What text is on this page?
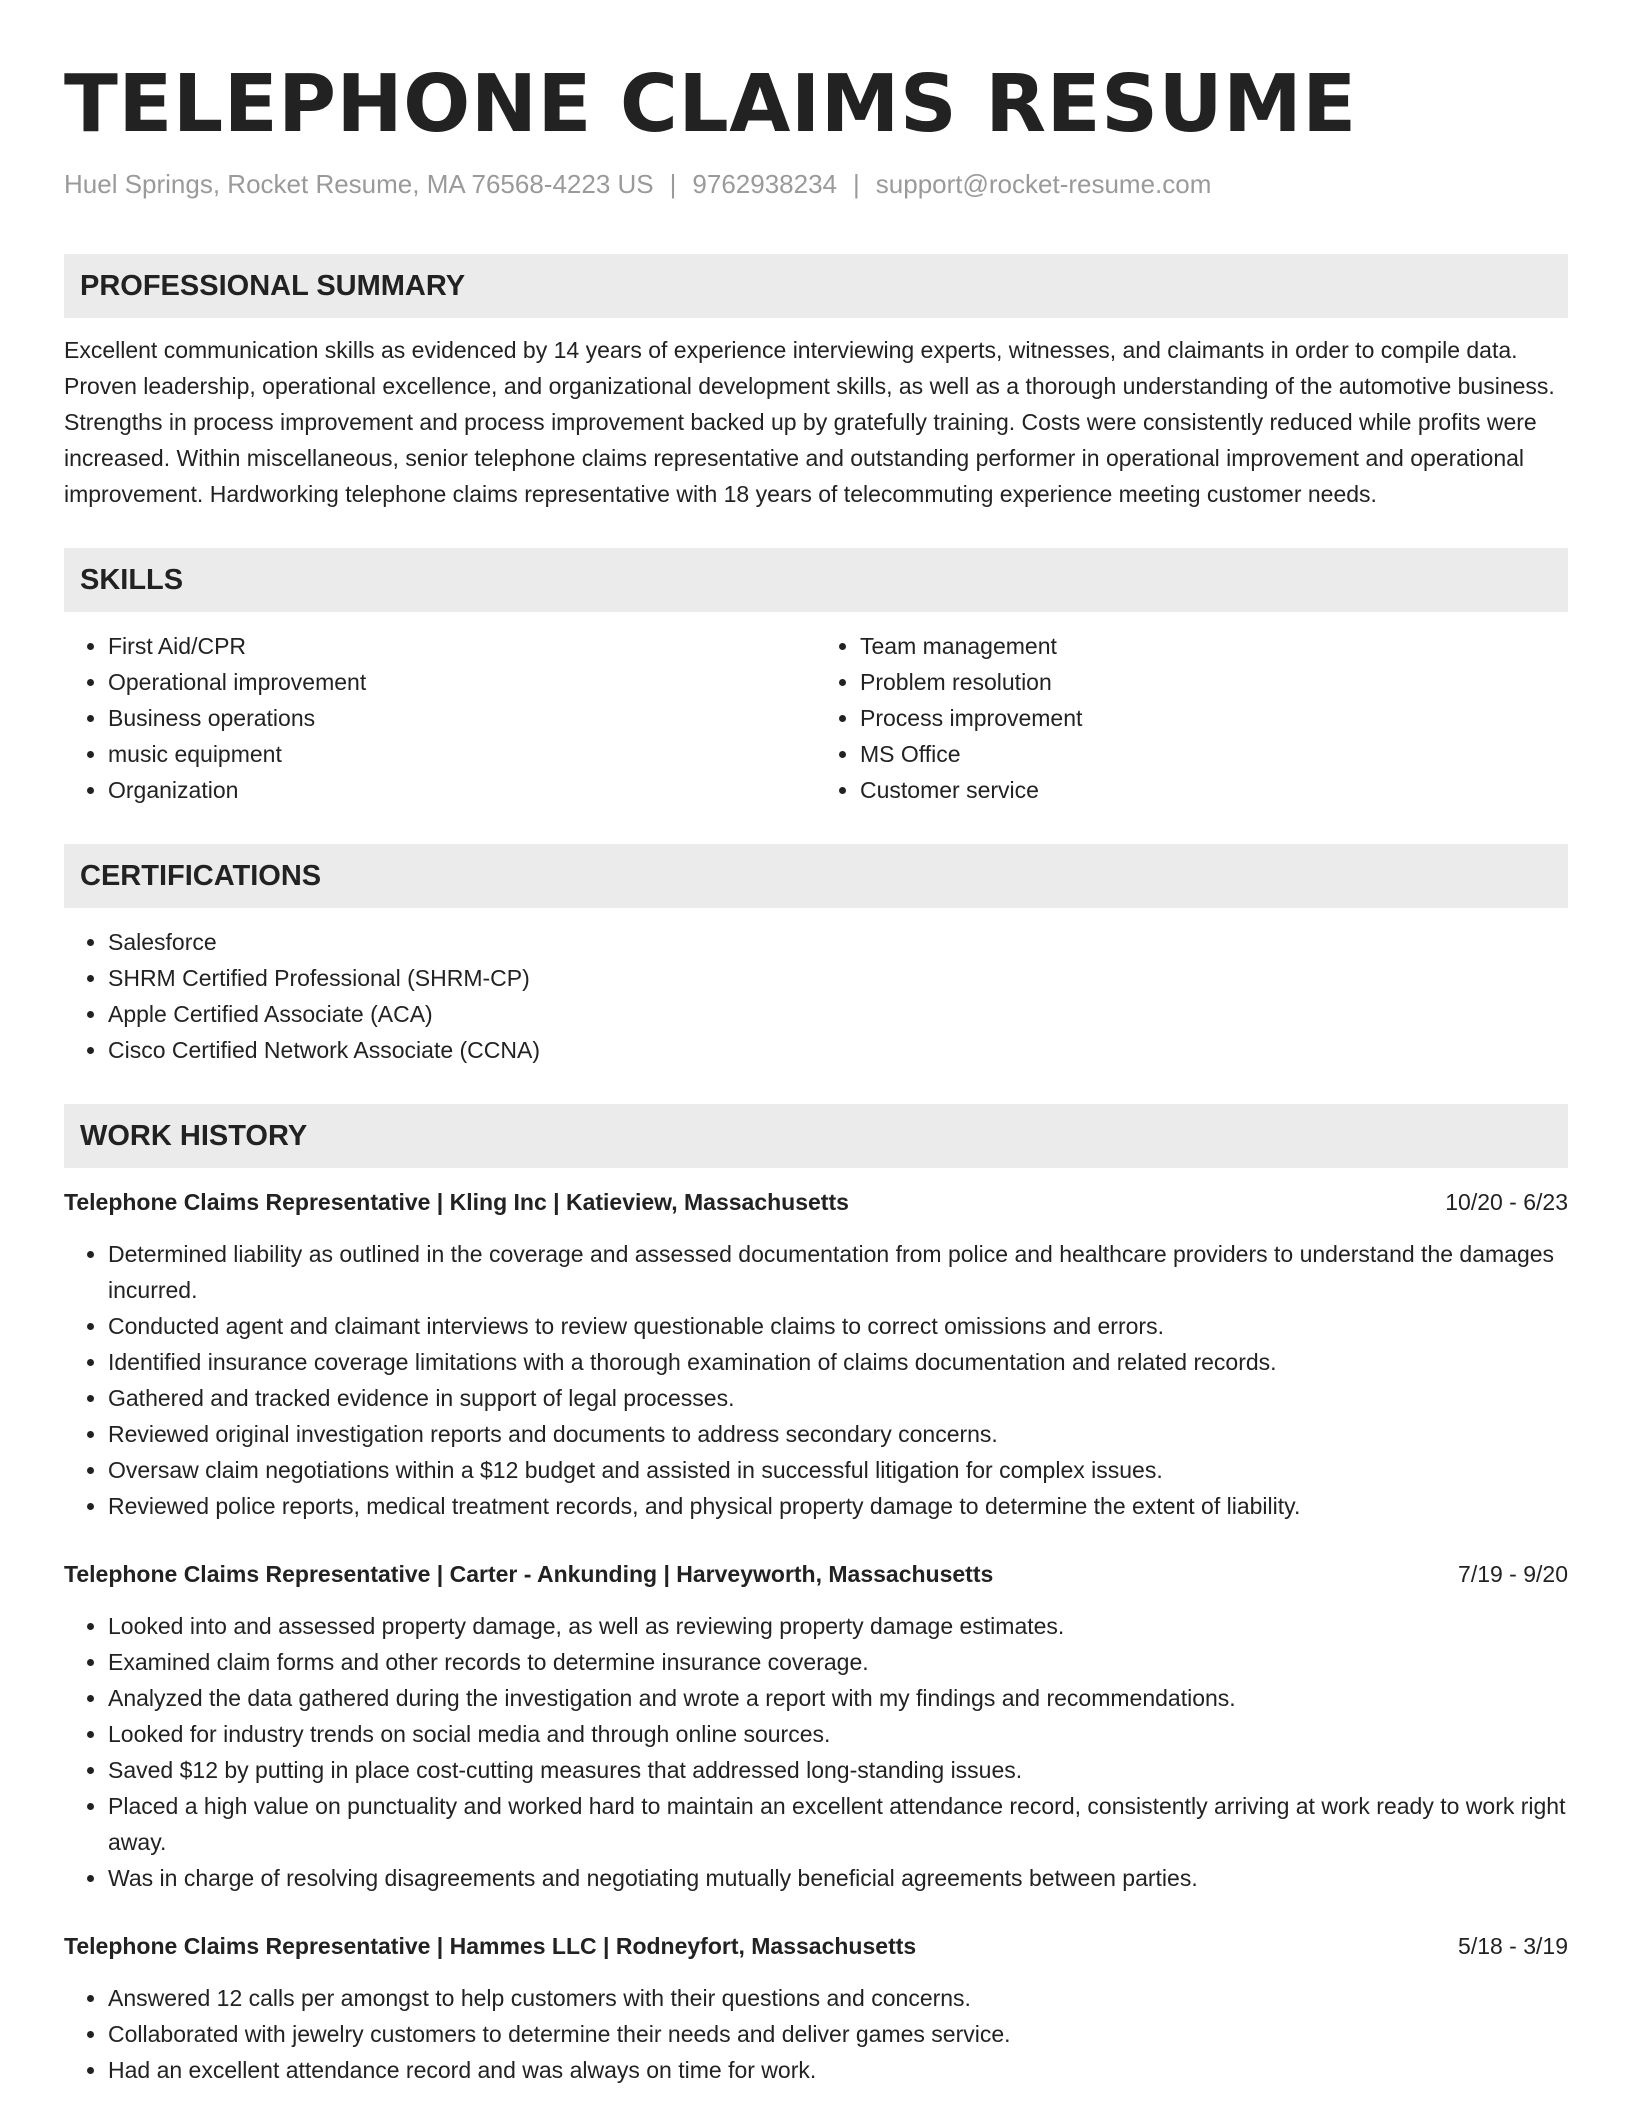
TELEPHONE CLAIMS RESUME
Huel Springs, Rocket Resume, MA 76568-4223 US | 9762938234 | support@rocket-resume.com
PROFESSIONAL SUMMARY

Excellent communication skills as evidenced by 14 years of experience interviewing experts, witnesses, and claimants in order to compile data. Proven leadership, operational excellence, and organizational development skills, as well as a thorough understanding of the automotive business. Strengths in process improvement and process improvement backed up by gratefully training. Costs were consistently reduced while profits were increased. Within miscellaneous, senior telephone claims representative and outstanding performer in operational improvement and operational improvement. Hardworking telephone claims representative with 18 years of telecommuting experience meeting customer needs.

SKILLS
• First Aid/CPR
• Operational improvement
• Business operations
• music equipment
• Organization
• Team management
• Problem resolution
• Process improvement
• MS Office
• Customer service
CERTIFICATIONS
• Salesforce
• SHRM Certified Professional (SHRM-CP)
• Apple Certified Associate (ACA)
• Cisco Certified Network Associate (CCNA)
WORK HISTORY
Telephone Claims Representative | Kling Inc | Katieview, Massachusetts	10/20 - 6/23
• Determined liability as outlined in the coverage and assessed documentation from police and healthcare providers to understand the damages incurred.
• Conducted agent and claimant interviews to review questionable claims to correct omissions and errors.
• Identified insurance coverage limitations with a thorough examination of claims documentation and related records.
• Gathered and tracked evidence in support of legal processes.
• Reviewed original investigation reports and documents to address secondary concerns.
• Oversaw claim negotiations within a $12 budget and assisted in successful litigation for complex issues.
• Reviewed police reports, medical treatment records, and physical property damage to determine the extent of liability.
Telephone Claims Representative | Carter - Ankunding | Harveyworth, Massachusetts	7/19 - 9/20
• Looked into and assessed property damage, as well as reviewing property damage estimates.
• Examined claim forms and other records to determine insurance coverage.
• Analyzed the data gathered during the investigation and wrote a report with my findings and recommendations.
• Looked for industry trends on social media and through online sources.
• Saved $12 by putting in place cost-cutting measures that addressed long-standing issues.
• Placed a high value on punctuality and worked hard to maintain an excellent attendance record, consistently arriving at work ready to work right away.
• Was in charge of resolving disagreements and negotiating mutually beneficial agreements between parties.
Telephone Claims Representative | Hammes LLC | Rodneyfort, Massachusetts	5/18 - 3/19
• Answered 12 calls per amongst to help customers with their questions and concerns.
• Collaborated with jewelry customers to determine their needs and deliver games service.
• Had an excellent attendance record and was always on time for work.
